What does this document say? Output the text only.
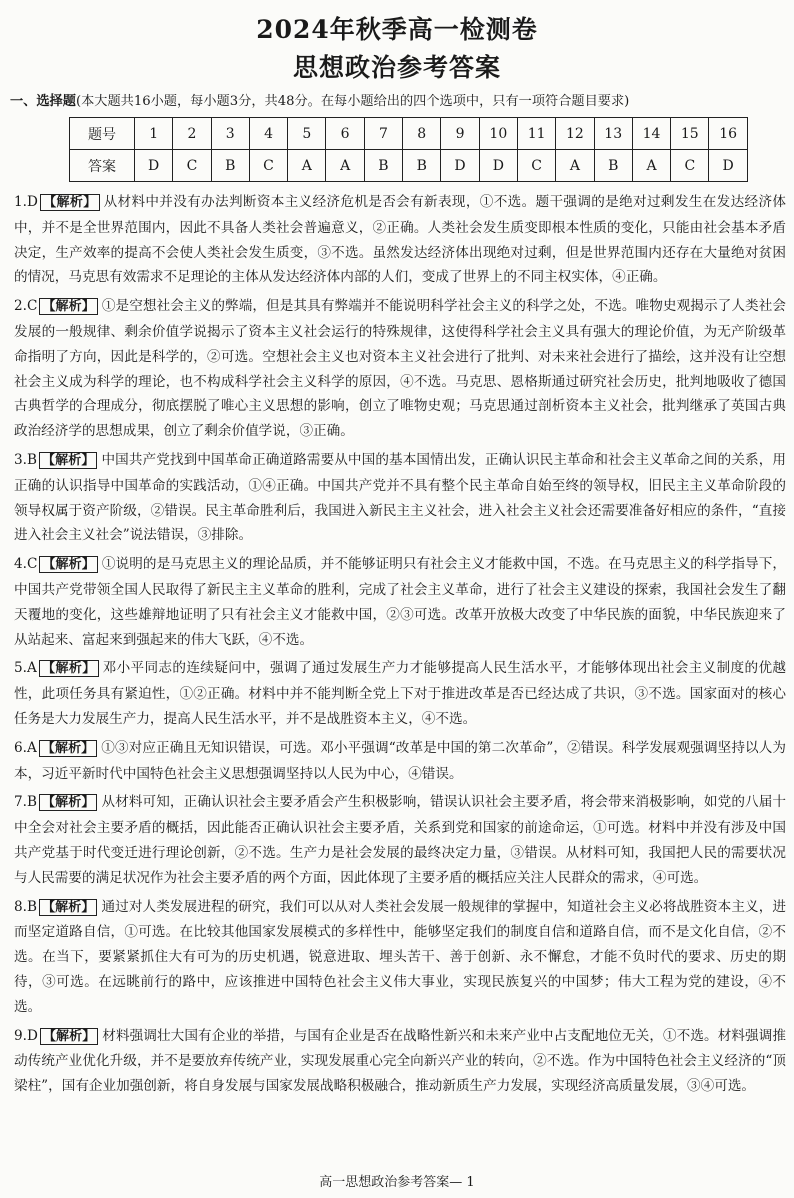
2024年秋季高一检测卷
思想政治参考答案
一、选择题(本大题共16小题，每小题3分，共48分。在每小题给出的四个选项中，只有一项符合题目要求)
题号	1	2	3	4	5	6	7	8	9	10	11	12	13	14	15	16
答案	D	C	B	C	A	A	B	B	D	D	C	A	B	A	C	D
1.D 【解析】 从材料中并没有办法判断资本主义经济危机是否会有新表现，①不选。题干强调的是绝对过剩发生在发达经济体中，并不是全世界范围内，因此不具备人类社会普遍意义，②正确。人类社会发生质变即根本性质的变化，只能由社会基本矛盾决定，生产效率的提高不会使人类社会发生质变，③不选。虽然发达经济体出现绝对过剩，但是世界范围内还存在大量绝对贫困的情况，马克思有效需求不足理论的主体从发达经济体内部的人们，变成了世界上的不同主权实体，④正确。
2.C 【解析】 ①是空想社会主义的弊端，但是其具有弊端并不能说明科学社会主义的科学之处，不选。唯物史观揭示了人类社会发展的一般规律、剩余价值学说揭示了资本主义社会运行的特殊规律，这使得科学社会主义具有强大的理论价值，为无产阶级革命指明了方向，因此是科学的，②可选。空想社会主义也对资本主义社会进行了批判、对未来社会进行了描绘，这并没有让空想社会主义成为科学的理论，也不构成科学社会主义科学的原因，④不选。马克思、恩格斯通过研究社会历史，批判地吸收了德国古典哲学的合理成分，彻底摆脱了唯心主义思想的影响，创立了唯物史观；马克思通过剖析资本主义社会，批判继承了英国古典政治经济学的思想成果，创立了剩余价值学说，③正确。
3.B 【解析】 中国共产党找到中国革命正确道路需要从中国的基本国情出发，正确认识民主革命和社会主义革命之间的关系，用正确的认识指导中国革命的实践活动，①④正确。中国共产党并不具有整个民主革命自始至终的领导权，旧民主主义革命阶段的领导权属于资产阶级，②错误。民主革命胜利后，我国进入新民主主义社会，进入社会主义社会还需要准备好相应的条件，“直接进入社会主义社会”说法错误，③排除。
4.C 【解析】 ①说明的是马克思主义的理论品质，并不能够证明只有社会主义才能救中国，不选。在马克思主义的科学指导下，中国共产党带领全国人民取得了新民主主义革命的胜利，完成了社会主义革命，进行了社会主义建设的探索，我国社会发生了翻天覆地的变化，这些雄辩地证明了只有社会主义才能救中国，②③可选。改革开放极大改变了中华民族的面貌，中华民族迎来了从站起来、富起来到强起来的伟大飞跃，④不选。
5.A 【解析】 邓小平同志的连续疑问中，强调了通过发展生产力才能够提高人民生活水平，才能够体现出社会主义制度的优越性，此项任务具有紧迫性，①②正确。材料中并不能判断全党上下对于推进改革是否已经达成了共识，③不选。国家面对的核心任务是大力发展生产力，提高人民生活水平，并不是战胜资本主义，④不选。
6.A 【解析】 ①③对应正确且无知识错误，可选。邓小平强调“改革是中国的第二次革命”，②错误。科学发展观强调坚持以人为本，习近平新时代中国特色社会主义思想强调坚持以人民为中心，④错误。
7.B 【解析】 从材料可知，正确认识社会主要矛盾会产生积极影响，错误认识社会主要矛盾，将会带来消极影响，如党的八届十中全会对社会主要矛盾的概括，因此能否正确认识社会主要矛盾，关系到党和国家的前途命运，①可选。材料中并没有涉及中国共产党基于时代变迁进行理论创新，②不选。生产力是社会发展的最终决定力量，③错误。从材料可知，我国把人民的需要状况与人民需要的满足状况作为社会主要矛盾的两个方面，因此体现了主要矛盾的概括应关注人民群众的需求，④可选。
8.B 【解析】 通过对人类发展进程的研究，我们可以从对人类社会发展一般规律的掌握中，知道社会主义必将战胜资本主义，进而坚定道路自信，①可选。在比较其他国家发展模式的多样性中，能够坚定我们的制度自信和道路自信，而不是文化自信，②不选。在当下，要紧紧抓住大有可为的历史机遇，锐意进取、埋头苦干、善于创新、永不懈怠，才能不负时代的要求、历史的期待，③可选。在远眺前行的路中，应该推进中国特色社会主义伟大事业，实现民族复兴的中国梦；伟大工程为党的建设，④不选。
9.D 【解析】 材料强调壮大国有企业的举措，与国有企业是否在战略性新兴和未来产业中占支配地位无关，①不选。材料强调推动传统产业优化升级，并不是要放弃传统产业，实现发展重心完全向新兴产业的转向，②不选。作为中国特色社会主义经济的“顶梁柱”，国有企业加强创新，将自身发展与国家发展战略积极融合，推动新质生产力发展，实现经济高质量发展，③④可选。
高一思想政治参考答案— 1
